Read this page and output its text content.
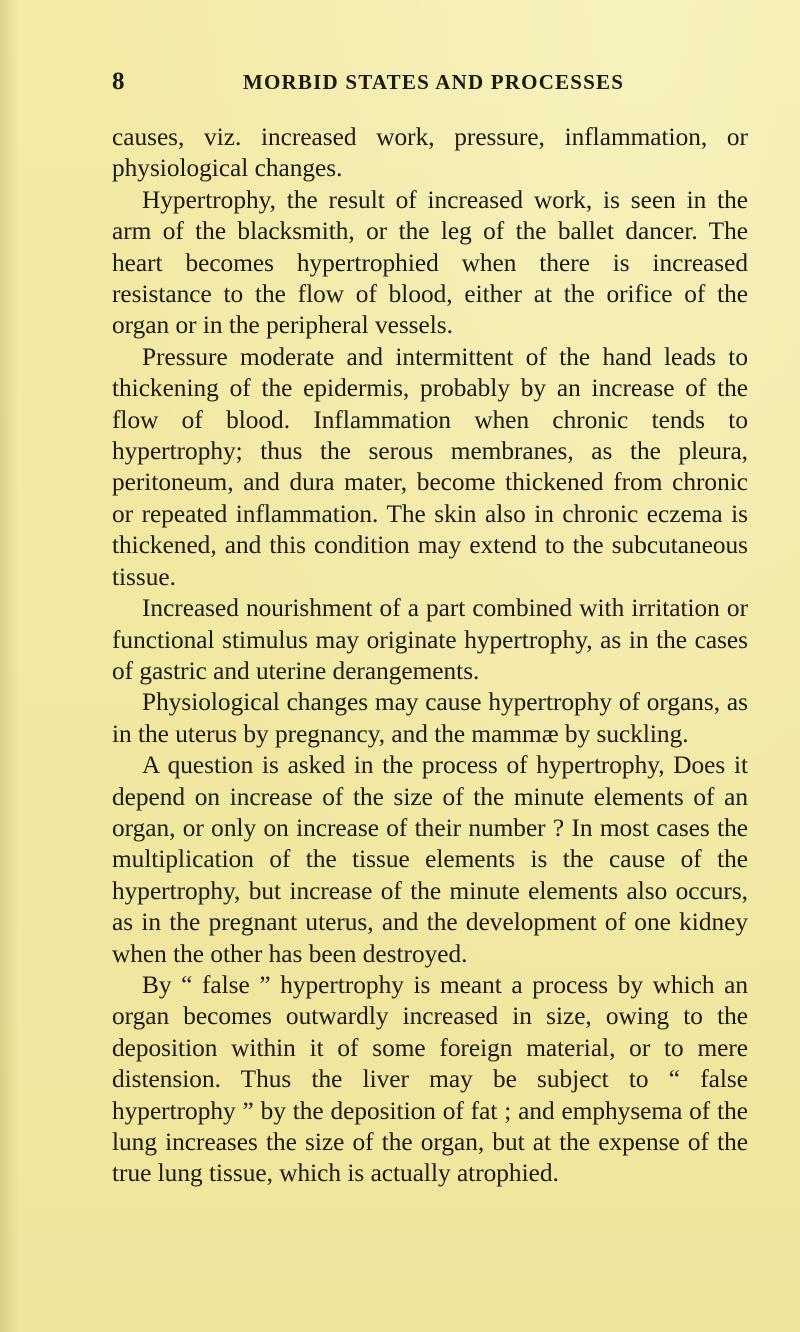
8	MORBID STATES AND PROCESSES

causes, viz. increased work, pressure, inflammation, or physiological changes.

Hypertrophy, the result of increased work, is seen in the arm of the blacksmith, or the leg of the ballet dancer. The heart becomes hypertrophied when there is increased resistance to the flow of blood, either at the orifice of the organ or in the peripheral vessels.

Pressure moderate and intermittent of the hand leads to thickening of the epidermis, probably by an increase of the flow of blood. Inflammation when chronic tends to hypertrophy; thus the serous membranes, as the pleura, peritoneum, and dura mater, become thickened from chronic or repeated inflammation. The skin also in chronic eczema is thickened, and this condition may extend to the subcutaneous tissue.

Increased nourishment of a part combined with irritation or functional stimulus may originate hypertrophy, as in the cases of gastric and uterine derangements.

Physiological changes may cause hypertrophy of organs, as in the uterus by pregnancy, and the mammæ by suckling.

A question is asked in the process of hypertrophy, Does it depend on increase of the size of the minute elements of an organ, or only on increase of their number ? In most cases the multiplication of the tissue elements is the cause of the hypertrophy, but increase of the minute elements also occurs, as in the pregnant uterus, and the development of one kidney when the other has been destroyed.

By “ false ” hypertrophy is meant a process by which an organ becomes outwardly increased in size, owing to the deposition within it of some foreign material, or to mere distension. Thus the liver may be subject to “ false hypertrophy ” by the deposition of fat ; and emphysema of the lung increases the size of the organ, but at the expense of the true lung tissue, which is actually atrophied.
